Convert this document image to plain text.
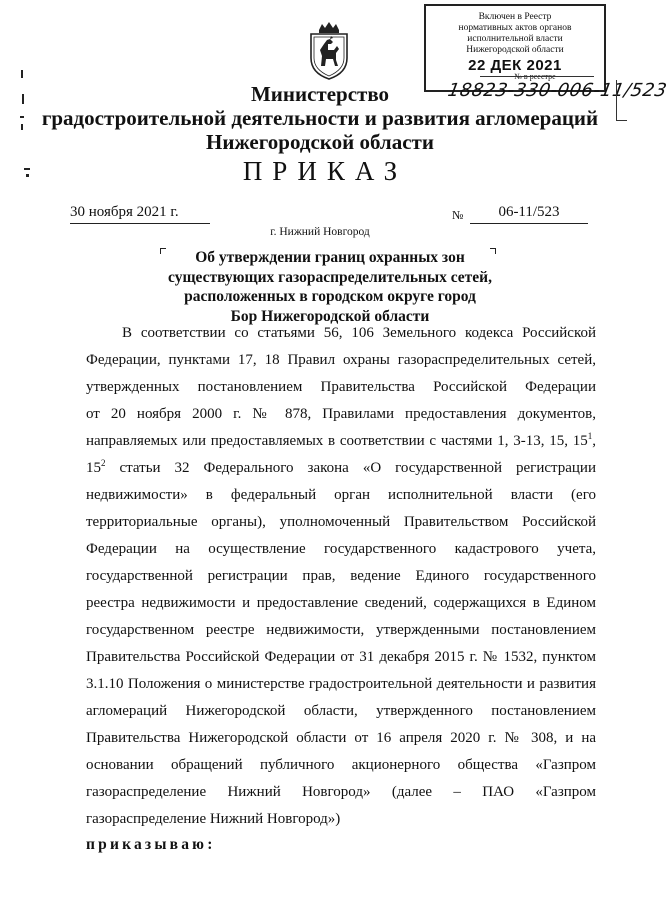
Включен в Реестр
нормативных актов органов
исполнительной власти
Нижегородской области
22 ДЕК 2021
№ в реестре
18823-330-006-11/523
Министерство
градостроительной деятельности и развития агломераций
Нижегородской области
ПРИКАЗ
30 ноября 2021 г.	№	06-11/523
г. Нижний Новгород
Об утверждении границ охранных зон
существующих газораспределительных сетей,
расположенных в городском округе город
Бор Нижегородской области
В соответствии со статьями 56, 106 Земельного кодекса Российской
Федерации, пунктами 17, 18 Правил охраны газораспределительных сетей,
утвержденных постановлением Правительства Российской Федерации
от 20 ноября 2000 г. № 878, Правилами предоставления документов,
направляемых или предоставляемых в соответствии с частями 1, 3-13, 15, $15^1$,
$15^2$ статьи 32 Федерального закона «О государственной регистрации
недвижимости» в федеральный орган исполнительной власти (его
территориальные органы), уполномоченный Правительством Российской
Федерации на осуществление государственного кадастрового учета,
государственной регистрации прав, ведение Единого государственного
реестра недвижимости и предоставление сведений, содержащихся в Едином
государственном реестре недвижимости, утвержденными постановлением
Правительства Российской Федерации от 31 декабря 2015 г. № 1532, пунктом
3.1.10 Положения о министерстве градостроительной деятельности и развития
агломераций Нижегородской области, утвержденного постановлением
Правительства Нижегородской области от 16 апреля 2020 г. № 308, и на
основании обращений публичного акционерного общества «Газпром
газораспределение Нижний Новгород» (далее – ПАО «Газпром
газораспределение Нижний Новгород»)
приказываю:
